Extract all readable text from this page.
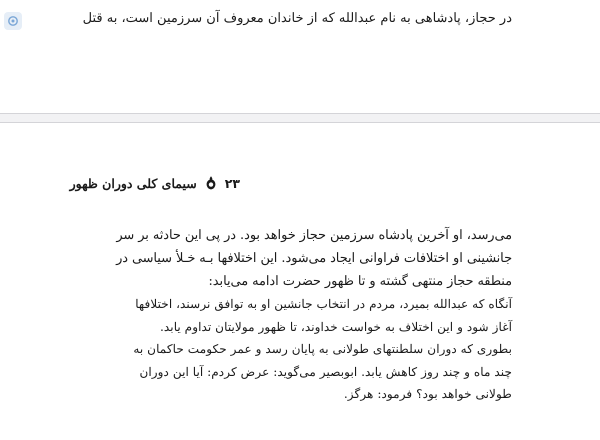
در حجاز، پادشاهی به نام عبدالله که از خاندان معروف آن سرزمین است، به قتل
سیمای کلی دوران ظهور ۲۳

می‌رسد، او آخرین پادشاه سرزمین حجاز خواهد بود. در پی این حادثه بر سر
جانشینی او اختلافات فراوانی ایجاد می‌شود. این اختلافها بـه خـلأ سیاسی در
منطقه حجاز منتهی گشته و تا ظهور حضرت ادامه می‌یابد:

آنگاه که عبدالله بمیرد، مردم در انتخاب جانشین او به توافق نرسند، اختلافها
آغاز شود و این اختلاف به خواست خداوند، تا ظهور مولایتان تداوم یابد.
بطوری که دوران سلطنتهای طولانی به پایان رسد و عمر حکومت حاکمان به
چند ماه و چند روز کاهش یابد. ابوبصیر می‌گوید: عرض کردم: آیا این دوران
طولانی خواهد بود؟ فرمود: هرگز.
